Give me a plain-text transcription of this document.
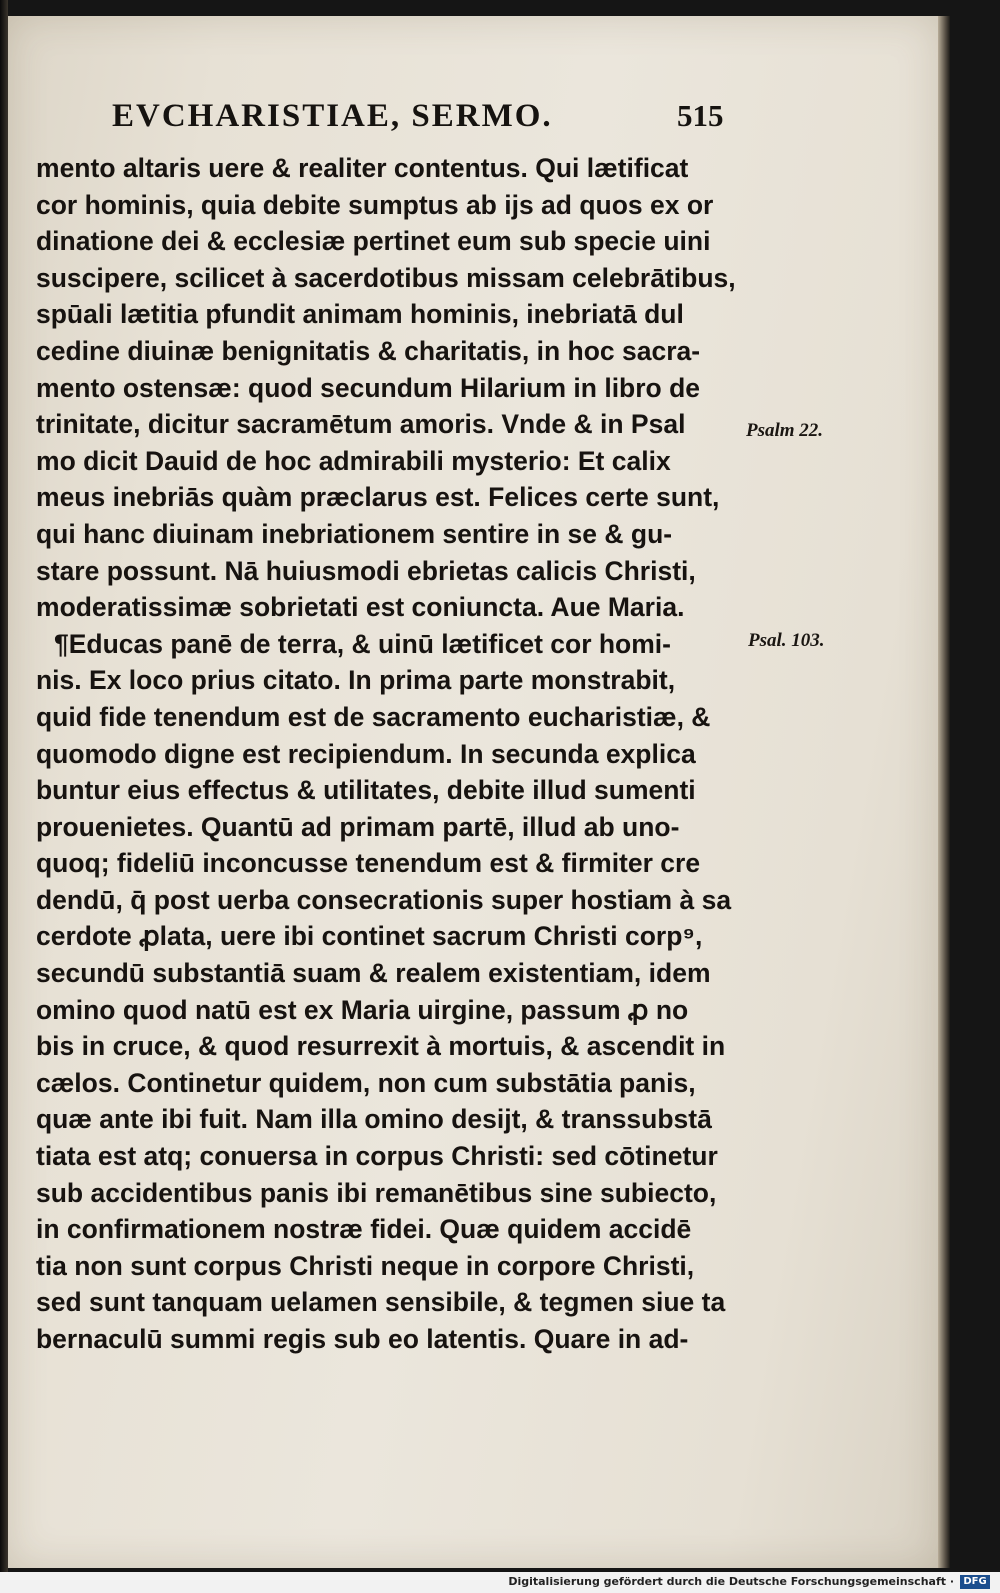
EVCHARISTIAE, SERMO.	515
mento altaris uere & realiter contentus. Qui lætificat
cor hominis, quia debite sumptus ab ijs ad quos ex or
dinatione dei & ecclesiæ pertinet eum sub specie uini
suscipere, scilicet à sacerdotibus missam celebrātibus,
spūali lætitia pfundit animam hominis, inebriatā dul
cedine diuinæ benignitatis & charitatis, in hoc sacra-
mento ostensæ: quod secundum Hilarium in libro de
trinitate, dicitur sacramētum amoris. Vnde & in Psal
mo dicit Dauid de hoc admirabili mysterio: Et calix
meus inebriās quàm præclarus est. Felices certe sunt,
qui hanc diuinam inebriationem sentire in se & gu-
stare possunt. Nā huiusmodi ebrietas calicis Christi,
moderatissimæ sobrietati est coniuncta. Aue Maria.
¶Educas panē de terra, & uinū lætificet cor homi-
nis. Ex loco prius citato. In prima parte monstrabit,
quid fide tenendum est de sacramento eucharistiæ, &
quomodo digne est recipiendum. In secunda explica
buntur eius effectus & utilitates, debite illud sumenti
prouenietes. Quantū ad primam partē, illud ab uno-
quoq; fideliū inconcusse tenendum est & firmiter cre
dendū, q̄ post uerba consecrationis super hostiam à sa
cerdote ꝓlata, uere ibi continet sacrum Christi corp⁹,
secundū substantiā suam & realem existentiam, idem
omino quod natū est ex Maria uirgine, passum ꝓ no
bis in cruce, & quod resurrexit à mortuis, & ascendit in
cælos. Continetur quidem, non cum substātia panis,
quæ ante ibi fuit. Nam illa omino desijt, & transsubstā
tiata est atq; conuersa in corpus Christi: sed cōtinetur
sub accidentibus panis ibi remanētibus sine subiecto,
in confirmationem nostræ fidei. Quæ quidem accidē
tia non sunt corpus Christi neque in corpore Christi,
sed sunt tanquam uelamen sensibile, & tegmen siue ta
bernaculū summi regis sub eo latentis. Quare in ad-
Psalm 22.
Psal. 103.
Digitalisierung gefördert durch die Deutsche Forschungsgemeinschaft · DFG
